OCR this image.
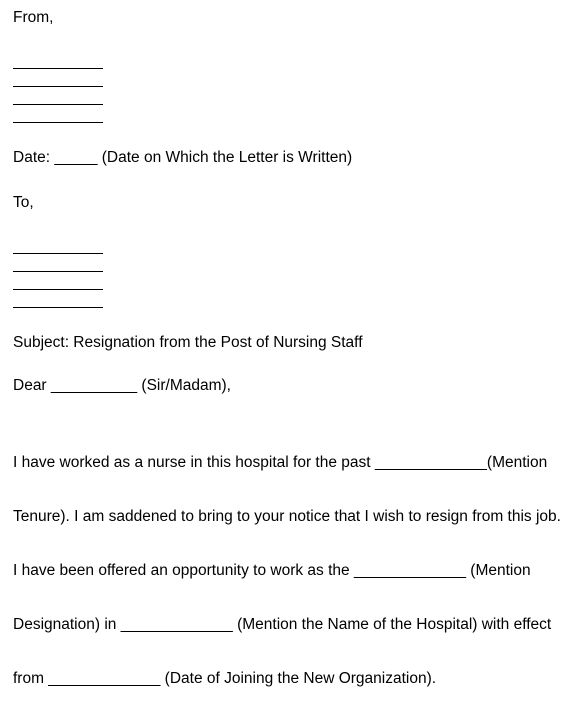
From,
Date: _____ (Date on Which the Letter is Written)
To,
Subject: Resignation from the Post of Nursing Staff
Dear __________ (Sir/Madam),

I have worked as a nurse in this hospital for the past _____________(Mention

Tenure). I am saddened to bring to your notice that I wish to resign from this job.

I have been offered an opportunity to work as the _____________ (Mention

Designation) in _____________ (Mention the Name of the Hospital) with effect

from _____________ (Date of Joining the New Organization).
